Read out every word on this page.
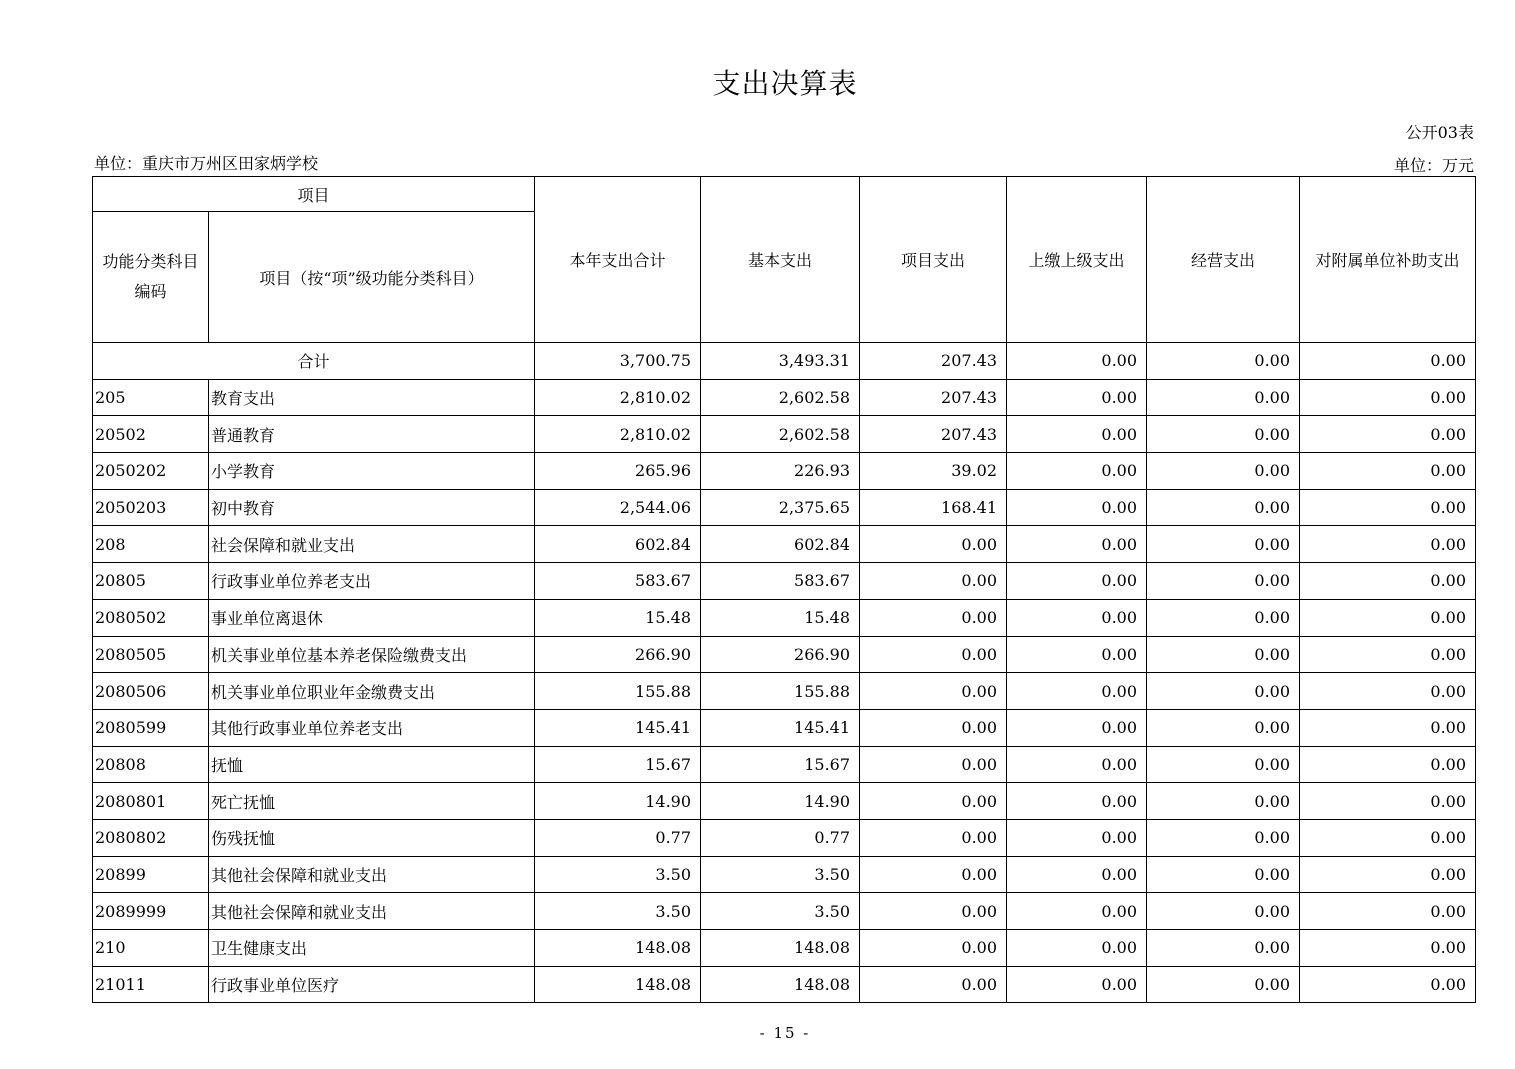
支出决算表
公开03表
单位：重庆市万州区田家炳学校	单位：万元
项目		本年支出合计	基本支出	项目支出	上缴上级支出	经营支出	对附属单位补助支出
功能分类科目编码	项目（按“项”级功能分类科目）						
合计		3,700.75	3,493.31	207.43	0.00	0.00	0.00
205	教育支出	2,810.02	2,602.58	207.43	0.00	0.00	0.00
20502	普通教育	2,810.02	2,602.58	207.43	0.00	0.00	0.00
2050202	小学教育	265.96	226.93	39.02	0.00	0.00	0.00
2050203	初中教育	2,544.06	2,375.65	168.41	0.00	0.00	0.00
208	社会保障和就业支出	602.84	602.84	0.00	0.00	0.00	0.00
20805	行政事业单位养老支出	583.67	583.67	0.00	0.00	0.00	0.00
2080502	事业单位离退休	15.48	15.48	0.00	0.00	0.00	0.00
2080505	机关事业单位基本养老保险缴费支出	266.90	266.90	0.00	0.00	0.00	0.00
2080506	机关事业单位职业年金缴费支出	155.88	155.88	0.00	0.00	0.00	0.00
2080599	其他行政事业单位养老支出	145.41	145.41	0.00	0.00	0.00	0.00
20808	抚恤	15.67	15.67	0.00	0.00	0.00	0.00
2080801	死亡抚恤	14.90	14.90	0.00	0.00	0.00	0.00
2080802	伤残抚恤	0.77	0.77	0.00	0.00	0.00	0.00
20899	其他社会保障和就业支出	3.50	3.50	0.00	0.00	0.00	0.00
2089999	其他社会保障和就业支出	3.50	3.50	0.00	0.00	0.00	0.00
210	卫生健康支出	148.08	148.08	0.00	0.00	0.00	0.00
21011	行政事业单位医疗	148.08	148.08	0.00	0.00	0.00	0.00
- 15 -
